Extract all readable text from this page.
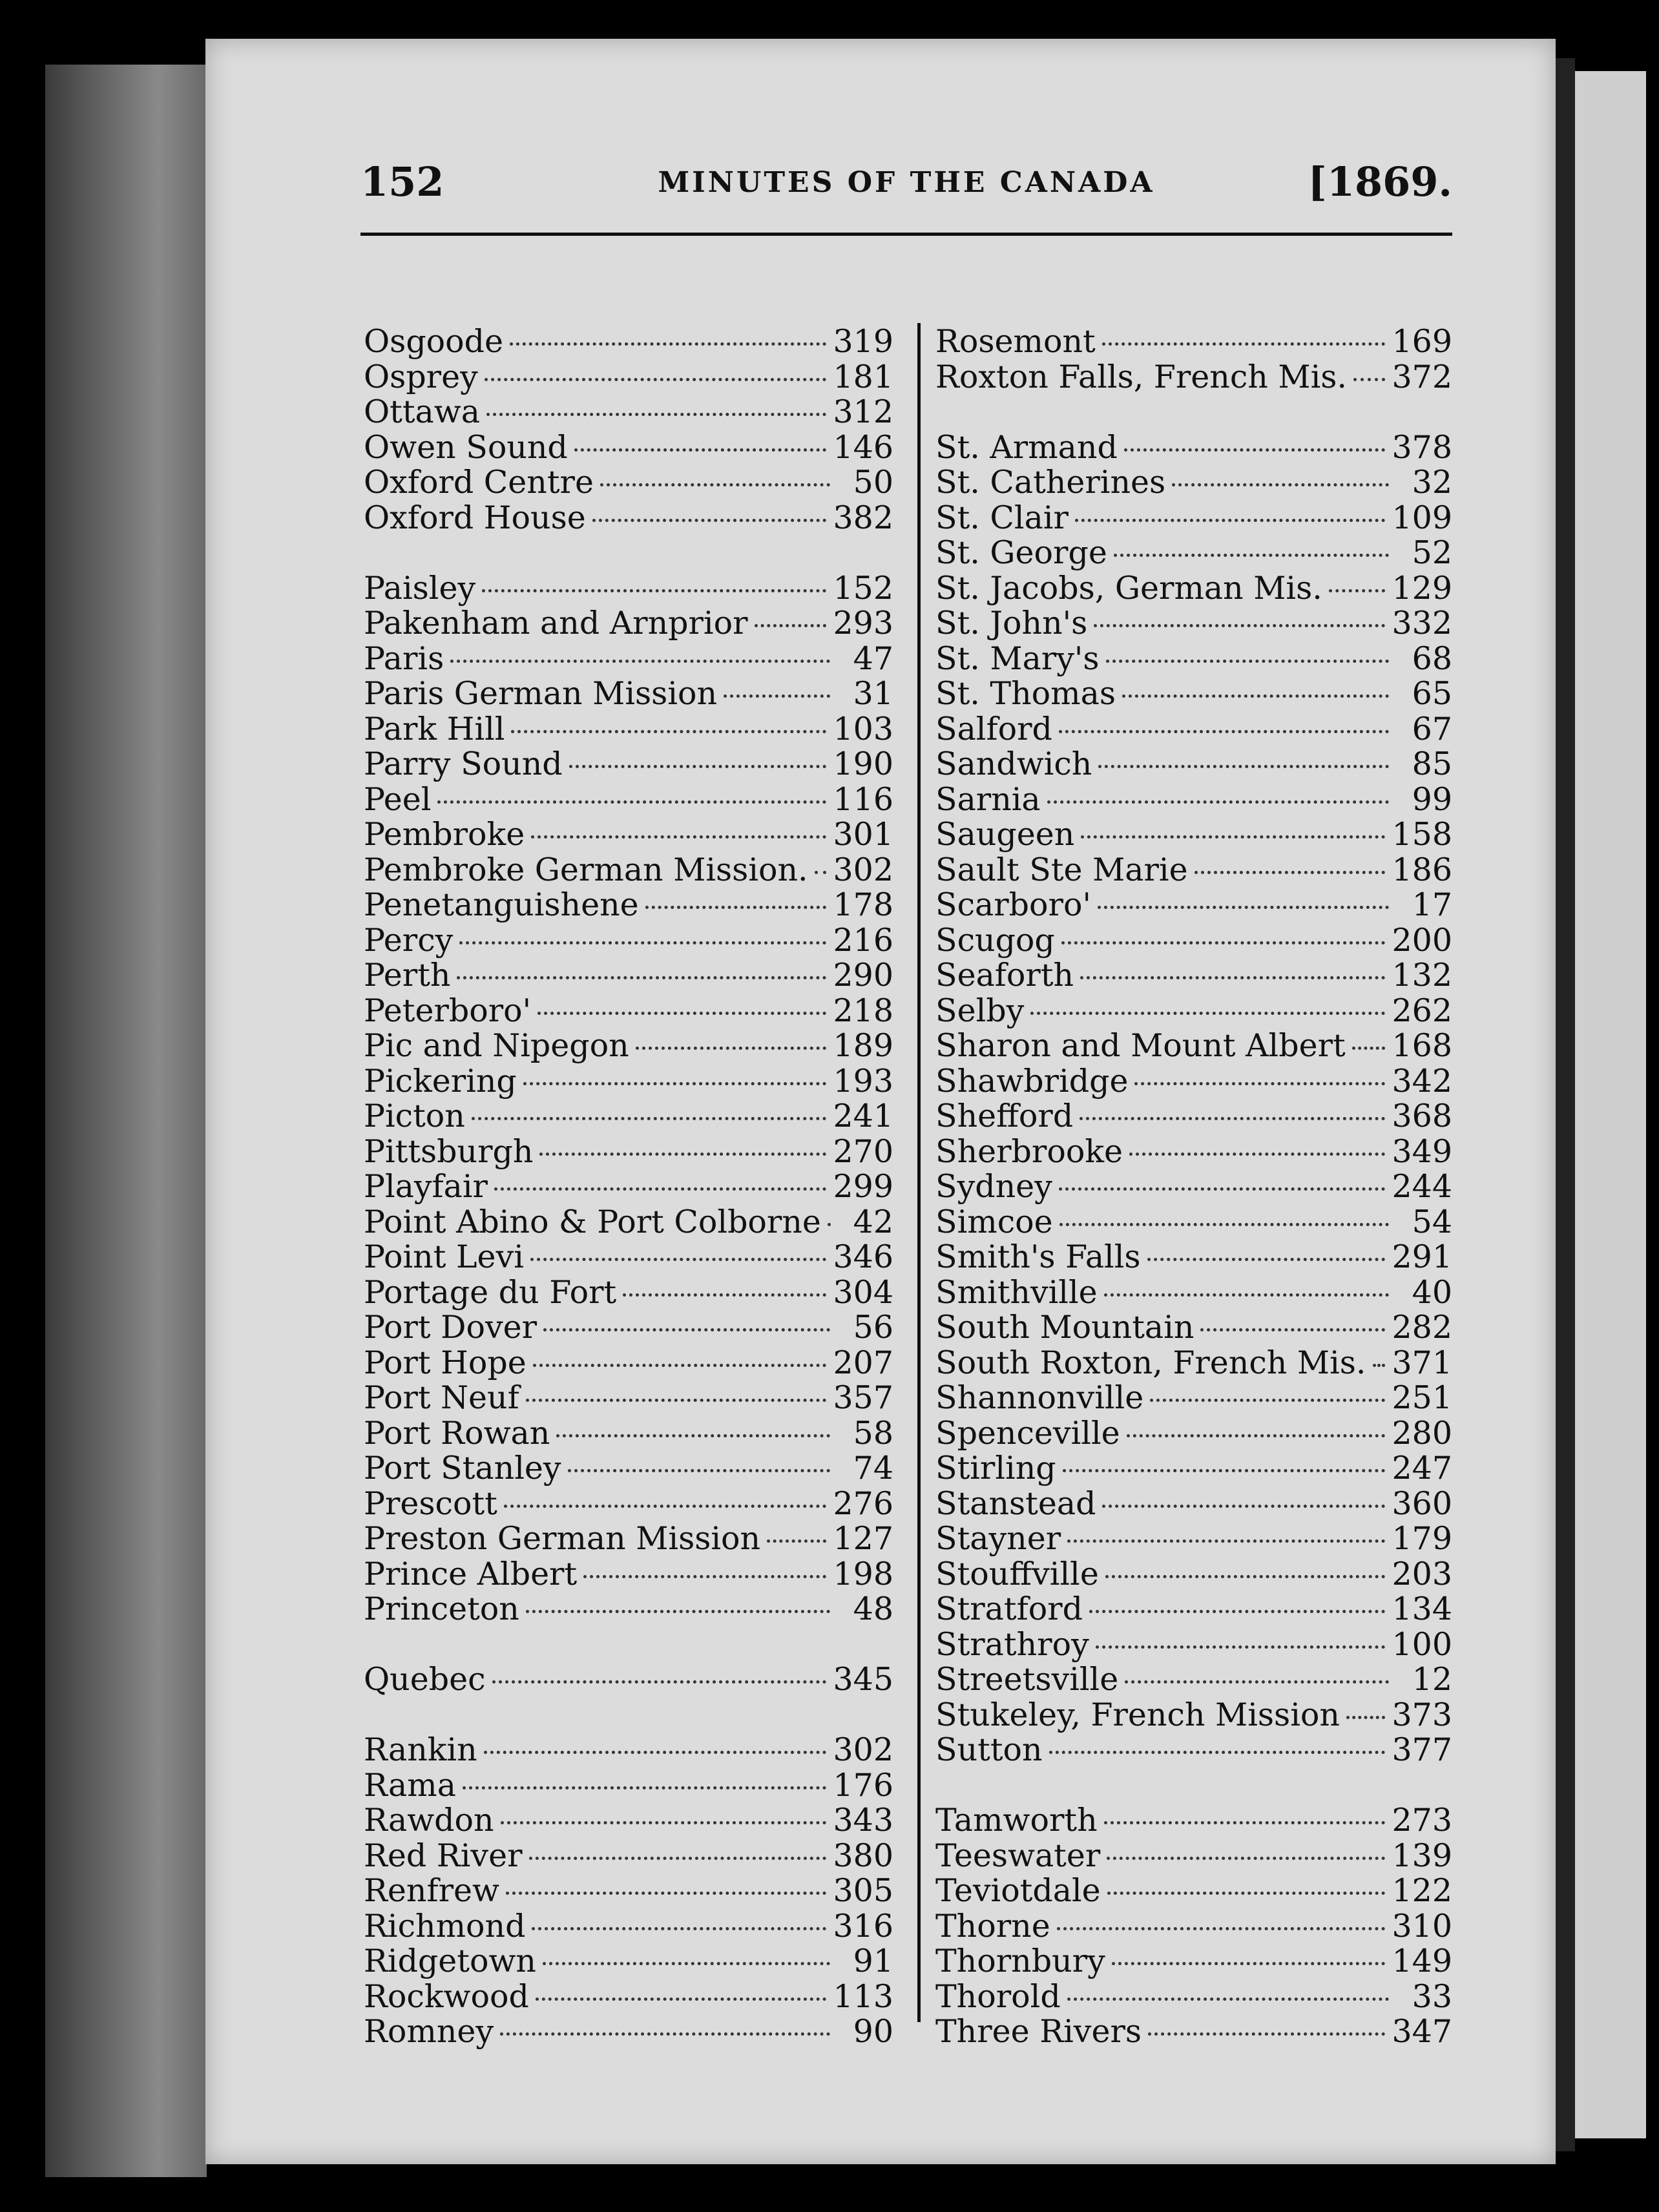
152	MINUTES OF THE CANADA	[1869.
Osgoode	319
Osprey	181
Ottawa	312
Owen Sound	146
Oxford Centre	50
Oxford House	382
Paisley	152
Pakenham and Arnprior	293
Paris	47
Paris German Mission	31
Park Hill	103
Parry Sound	190
Peel	116
Pembroke	301
Pembroke German Mission. 302
Penetanguishene	178
Percy	216
Perth	290
Peterboro'	218
Pic and Nipegon	189
Pickering	193
Picton	241
Pittsburgh	270
Playfair	299
Point Abino & Port Colborne	42
Point Levi	346
Portage du Fort	304
Port Dover	56
Port Hope	207
Port Neuf	357
Port Rowan	58
Port Stanley	74
Prescott	276
Preston German Mission 127
Prince Albert	198
Princeton	48
Quebec	345
Rankin	302
Rama	176
Rawdon	343
Red River	380
Renfrew	305
Richmond	316
Ridgetown	91
Rockwood	113
Romney	90
Rosemont	169
Roxton Falls, French Mis. 372
St. Armand	378
St. Catherines	32
St. Clair	109
St. George	52
St. Jacobs, German Mis. 129
St. John's	332
St. Mary's	68
St. Thomas	65
Salford	67
Sandwich	85
Sarnia	99
Saugeen	158
Sault Ste Marie	186
Scarboro'	17
Scugog	200
Seaforth	132
Selby	262
Sharon and Mount Albert 168
Shawbridge	342
Shefford	368
Sherbrooke	349
Sydney	244
Simcoe	54
Smith's Falls	291
Smithville	40
South Mountain	282
South Roxton, French Mis. 371
Shannonville	251
Spenceville	280
Stirling	247
Stanstead	360
Stayner	179
Stouffville	203
Stratford	134
Strathroy	100
Streetsville	12
Stukeley, French Mission 373
Sutton	377
Tamworth	273
Teeswater	139
Teviotdale	122
Thorne	310
Thornbury	149
Thorold	33
Three Rivers	347
